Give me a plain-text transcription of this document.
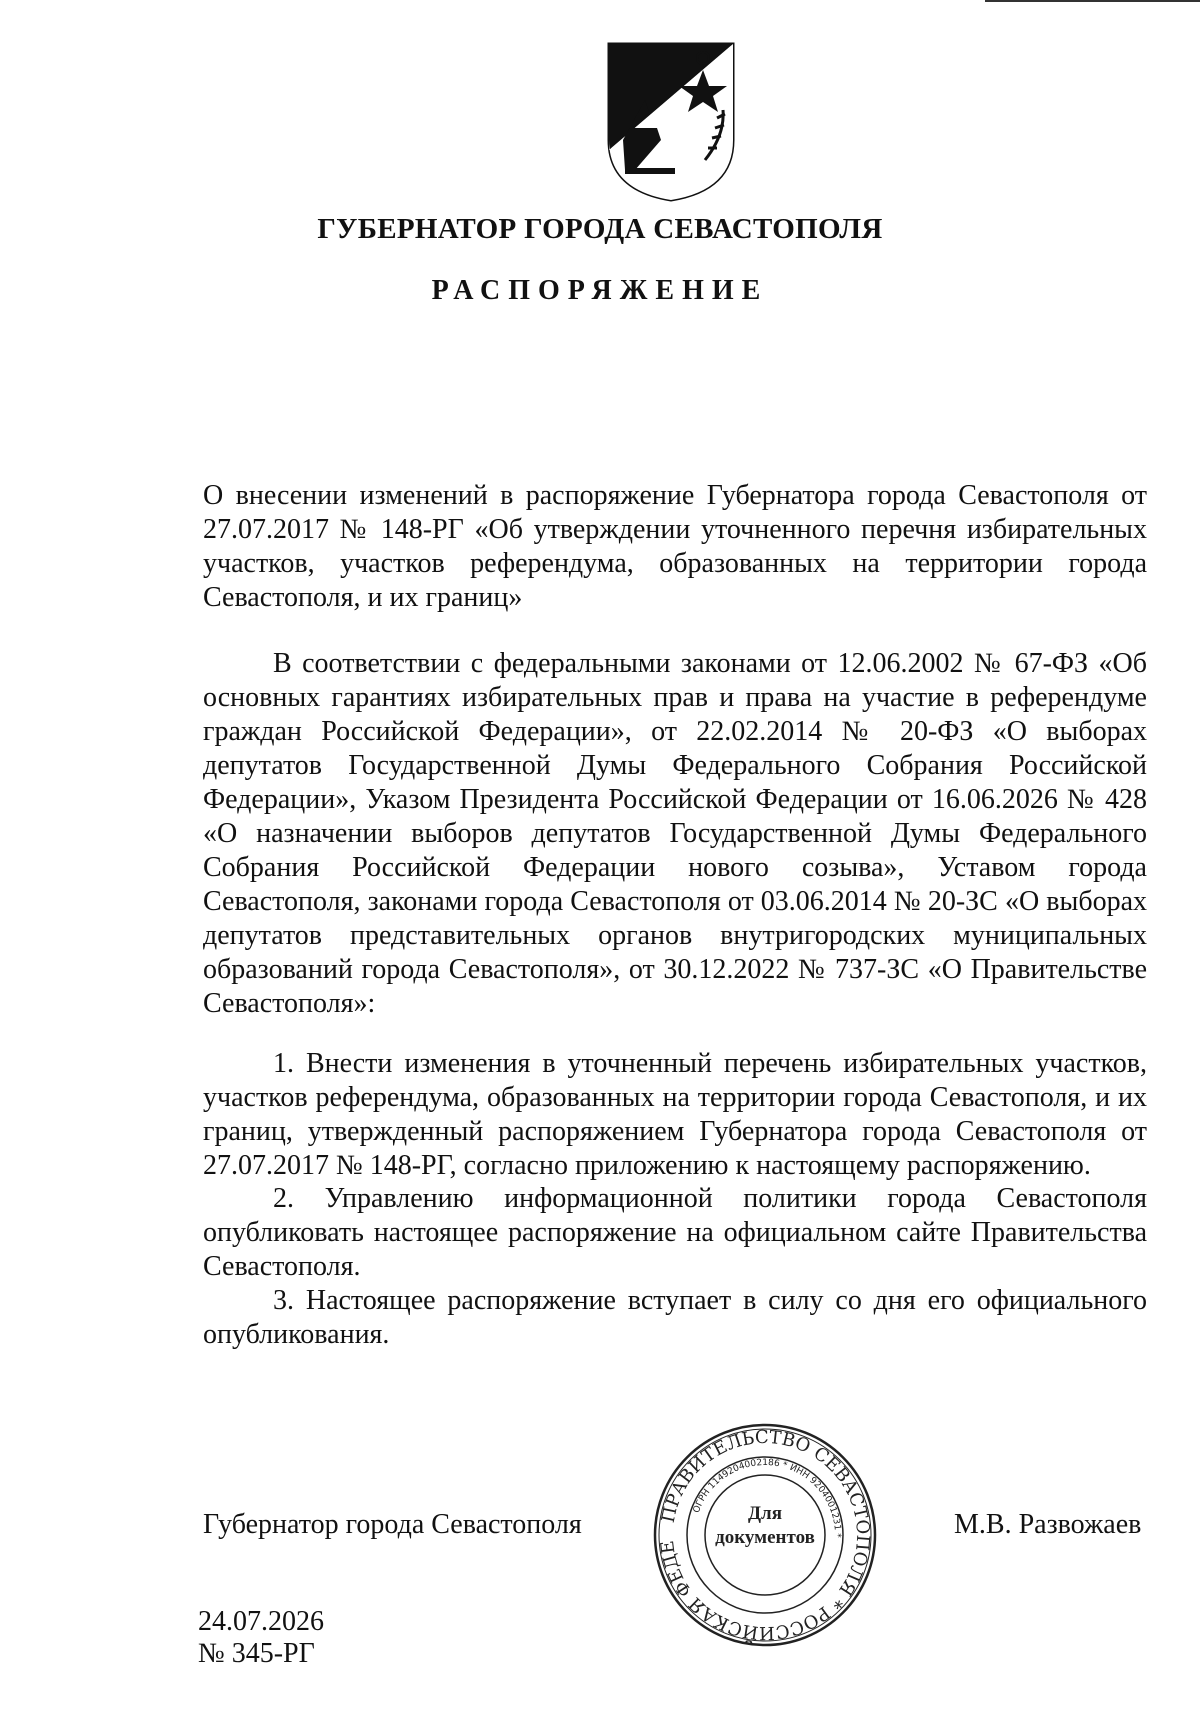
ГУБЕРНАТОР ГОРОДА СЕВАСТОПОЛЯ
РАСПОРЯЖЕНИЕ
О внесении изменений в распоряжение Губернатора города Севастополя от 27.07.2017 № 148-РГ «Об утверждении уточненного перечня избирательных участков, участков референдума, образованных на территории города Севастополя, и их границ»
В соответствии с федеральными законами от 12.06.2002 № 67-ФЗ «Об основных гарантиях избирательных прав и права на участие в референдуме граждан Российской Федерации», от 22.02.2014 № 20-ФЗ «О выборах депутатов Государственной Думы Федерального Собрания Российской Федерации», Указом Президента Российской Федерации от 16.06.2026 № 428 «О назначении выборов депутатов Государственной Думы Федерального Собрания Российской Федерации нового созыва», Уставом города Севастополя, законами города Севастополя от 03.06.2014 № 20-ЗС «О выборах депутатов представительных органов внутригородских муниципальных образований города Севастополя», от 30.12.2022 № 737-ЗС «О Правительстве Севастополя»:
1. Внести изменения в уточненный перечень избирательных участков, участков референдума, образованных на территории города Севастополя, и их границ, утвержденный распоряжением Губернатора города Севастополя от 27.07.2017 № 148-РГ, согласно приложению к настоящему распоряжению.
2. Управлению информационной политики города Севастополя опубликовать настоящее распоряжение на официальном сайте Правительства Севастополя.
3. Настоящее распоряжение вступает в силу со дня его официального опубликования.
Губернатор города Севастополя	М.В. Развожаев
ПРАВИТЕЛЬСТВО СЕВАСТОПОЛЯ * РОССИЙСКАЯ ФЕДЕ
ОГРН 1149204002186 * ИНН 9204001231 *
Для
документов
24.07.2026
№ 345-РГ
